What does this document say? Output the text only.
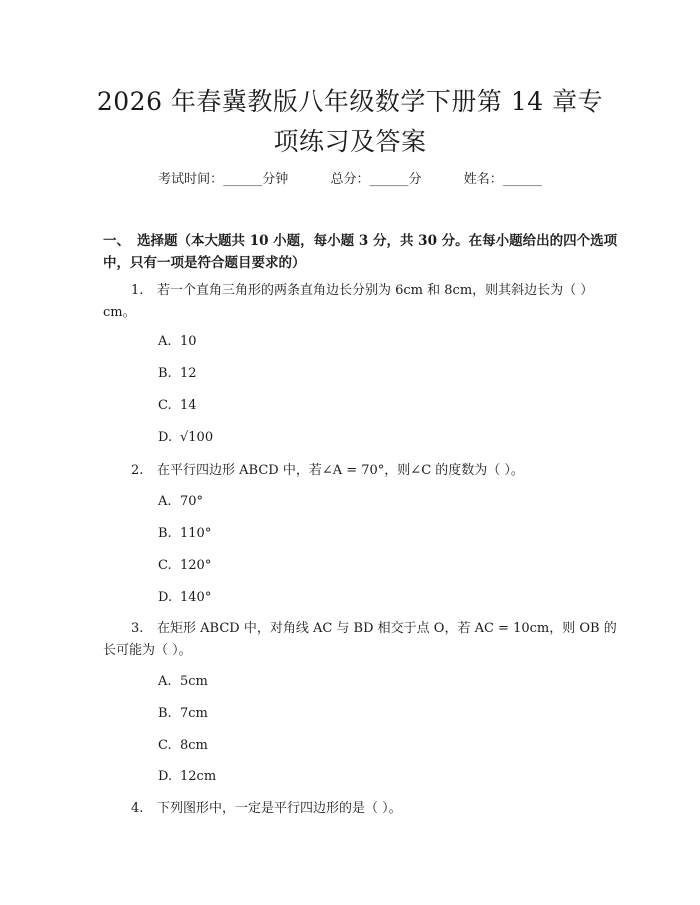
2026 年春冀教版八年级数学下册第 14 章专
项练习及答案
考试时间：______分钟	总分：______分	姓名：______
一、 选择题（本大题共 10 小题，每小题 3 分，共 30 分。在每小题给出的四个选项中，只有一项是符合题目要求的）
1. 若一个直角三角形的两条直角边长分别为 6cm 和 8cm，则其斜边长为（ ）cm。
A. 10
B. 12
C. 14
D. √100
2. 在平行四边形 ABCD 中，若∠A = 70°，则∠C 的度数为（ ）。
A. 70°
B. 110°
C. 120°
D. 140°
3. 在矩形 ABCD 中，对角线 AC 与 BD 相交于点 O，若 AC = 10cm，则 OB 的长可能为（ ）。
A. 5cm
B. 7cm
C. 8cm
D. 12cm
4. 下列图形中，一定是平行四边形的是（ ）。
